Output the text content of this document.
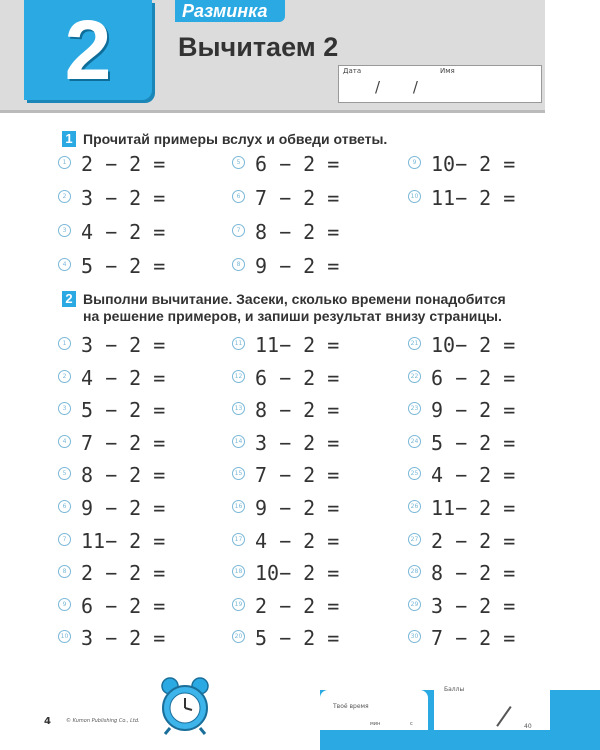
2	Разминка
Вычитаем 2
Дата	Имя
/ /
1 Прочитай примеры вслух и обведи ответы.
1 2 − 2 =
2 3 − 2 =
3 4 − 2 =
4 5 − 2 =
5 6 − 2 =
6 7 − 2 =
7 8 − 2 =
8 9 − 2 =
9 10− 2 =
10 11− 2 =
2 Выполни вычитание. Засеки, сколько времени понадобится
на решение примеров, и запиши результат внизу страницы.
1 3 − 2 =
2 4 − 2 =
3 5 − 2 =
4 7 − 2 =
5 8 − 2 =
6 9 − 2 =
7 11− 2 =
8 2 − 2 =
9 6 − 2 =
10 3 − 2 =
11 11− 2 =
12 6 − 2 =
13 8 − 2 =
14 3 − 2 =
15 7 − 2 =
16 9 − 2 =
17 4 − 2 =
18 10− 2 =
19 2 − 2 =
20 5 − 2 =
21 10− 2 =
22 6 − 2 =
23 9 − 2 =
24 5 − 2 =
25 4 − 2 =
26 11− 2 =
27 2 − 2 =
28 8 − 2 =
29 3 − 2 =
30 7 − 2 =
4	© Kumon Publishing Co., Ltd.
Твоё время
мин	с
Баллы
40
